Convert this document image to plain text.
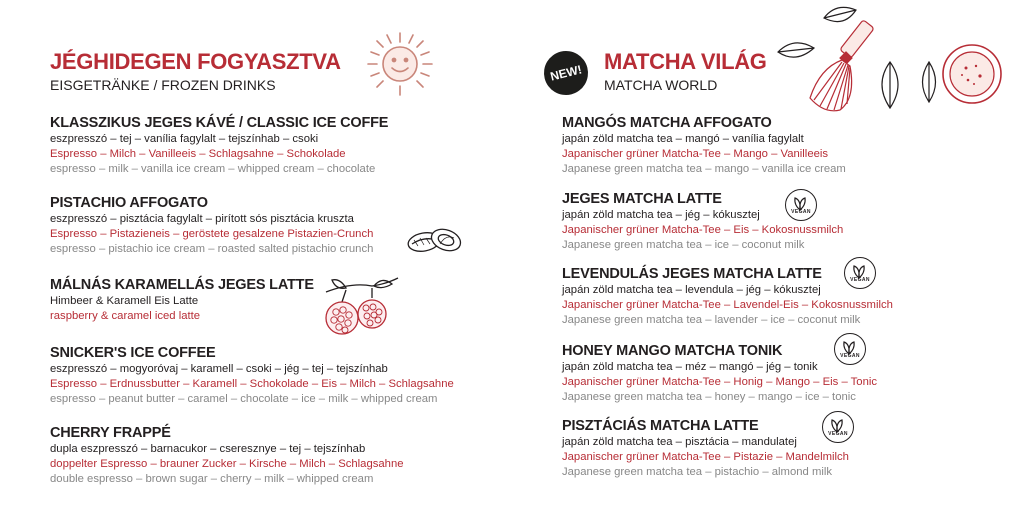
JÉGHIDEGEN FOGYASZTVA
EISGETRÄNKE / FROZEN DRINKS
KLASSZIKUS JEGES KÁVÉ / CLASSIC ICE COFFE
eszpresszó – tej – vanília fagylalt – tejszínhab – csoki
Espresso – Milch – Vanilleeis – Schlagsahne – Schokolade
espresso – milk – vanilla ice cream – whipped cream – chocolate
PISTACHIO AFFOGATO
eszpresszó – pisztácia fagylalt – pirított sós pisztácia kruszta
Espresso – Pistazieneis – geröstete gesalzene Pistazien-Crunch
espresso – pistachio ice cream – roasted salted pistachio crunch
MÁLNÁS KARAMELLÁS JEGES LATTE
Himbeer & Karamell Eis Latte
raspberry & caramel iced latte
SNICKER'S ICE COFFEE
eszpresszó – mogyoróvaj – karamell – csoki – jég – tej – tejszínhab
Espresso – Erdnussbutter – Karamell – Schokolade – Eis – Milch – Schlagsahne
espresso – peanut butter – caramel – chocolate – ice – milk – whipped cream
CHERRY FRAPPÉ
dupla eszpresszó – barnacukor – cseresznye – tej – tejszínhab
doppelter Espresso – brauner Zucker – Kirsche – Milch – Schlagsahne
double espresso – brown sugar – cherry – milk – whipped cream
NEW! MATCHA VILÁG
MATCHA WORLD
MANGÓS MATCHA AFFOGATO
japán zöld matcha tea – mangó – vanília fagylalt
Japanischer grüner Matcha-Tee – Mango – Vanilleeis
Japanese green matcha tea – mango – vanilla ice cream
JEGES MATCHA LATTE
japán zöld matcha tea – jég – kókusztej
Japanischer grüner Matcha-Tee – Eis – Kokosnussmilch
Japanese green matcha tea – ice – coconut milk
LEVENDULÁS JEGES MATCHA LATTE
japán zöld matcha tea – levendula – jég – kókusztej
Japanischer grüner Matcha-Tee – Lavendel-Eis – Kokosnussmilch
Japanese green matcha tea – lavender – ice – coconut milk
HONEY MANGO MATCHA TONIK
japán zöld matcha tea – méz – mangó – jég – tonik
Japanischer grüner Matcha-Tee – Honig – Mango – Eis – Tonic
Japanese green matcha tea – honey – mango – ice – tonic
PISZTÁCIÁS MATCHA LATTE
japán zöld matcha tea – pisztácia – mandulatej
Japanischer grüner Matcha-Tee – Pistazie – Mandelmilch
Japanese green matcha tea – pistachio – almond milk
VEGAN
VEGAN
VEGAN
VEGAN
